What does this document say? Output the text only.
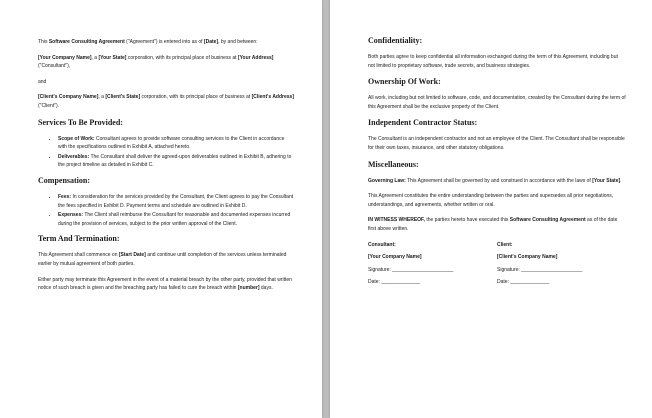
This Software Consulting Agreement ("Agreement") is entered into as of [Date], by and between:

[Your Company Name], a [Your State] corporation, with its principal place of business at [Your Address] ("Consultant"),

and

[Client's Company Name], a [Client's State] corporation, with its principal place of business at [Client's Address] ("Client").

Services To Be Provided:
• Scope of Work: Consultant agrees to provide software consulting services to the Client in accordance with the specifications outlined in Exhibit A, attached hereto.
• Deliverables: The Consultant shall deliver the agreed-upon deliverables outlined in Exhibit B, adhering to the project timeline as detailed in Exhibit C.
Compensation:
• Fees: In consideration for the services provided by the Consultant, the Client agrees to pay the Consultant the fees specified in Exhibit D. Payment terms and schedule are outlined in Exhibit D.
• Expenses: The Client shall reimburse the Consultant for reasonable and documented expenses incurred during the provision of services, subject to the prior written approval of the Client.
Term And Termination:

This Agreement shall commence on [Start Date] and continue until completion of the services unless terminated earlier by mutual agreement of both parties.

Either party may terminate this Agreement in the event of a material breach by the other party, provided that written notice of such breach is given and the breaching party has failed to cure the breach within [number] days.

Confidentiality:

Both parties agree to keep confidential all information exchanged during the term of this Agreement, including but not limited to proprietary software, trade secrets, and business strategies.

Ownership Of Work:

All work, including but not limited to software, code, and documentation, created by the Consultant during the term of this Agreement shall be the exclusive property of the Client.

Independent Contractor Status:

The Consultant is an independent contractor and not an employee of the Client. The Consultant shall be responsible for their own taxes, insurance, and other statutory obligations.

Miscellaneous:

Governing Law: This Agreement shall be governed by and construed in accordance with the laws of [Your State].

This Agreement constitutes the entire understanding between the parties and supersedes all prior negotiations, understandings, and agreements, whether written or oral.

IN WITNESS WHEREOF, the parties hereto have executed this Software Consulting Agreement as of the date first above written.

Consultant:
[Your Company Name]
Signature: ______________________
Date: ______________
Client:
[Client's Company Name]
Signature: ______________________
Date: ______________
